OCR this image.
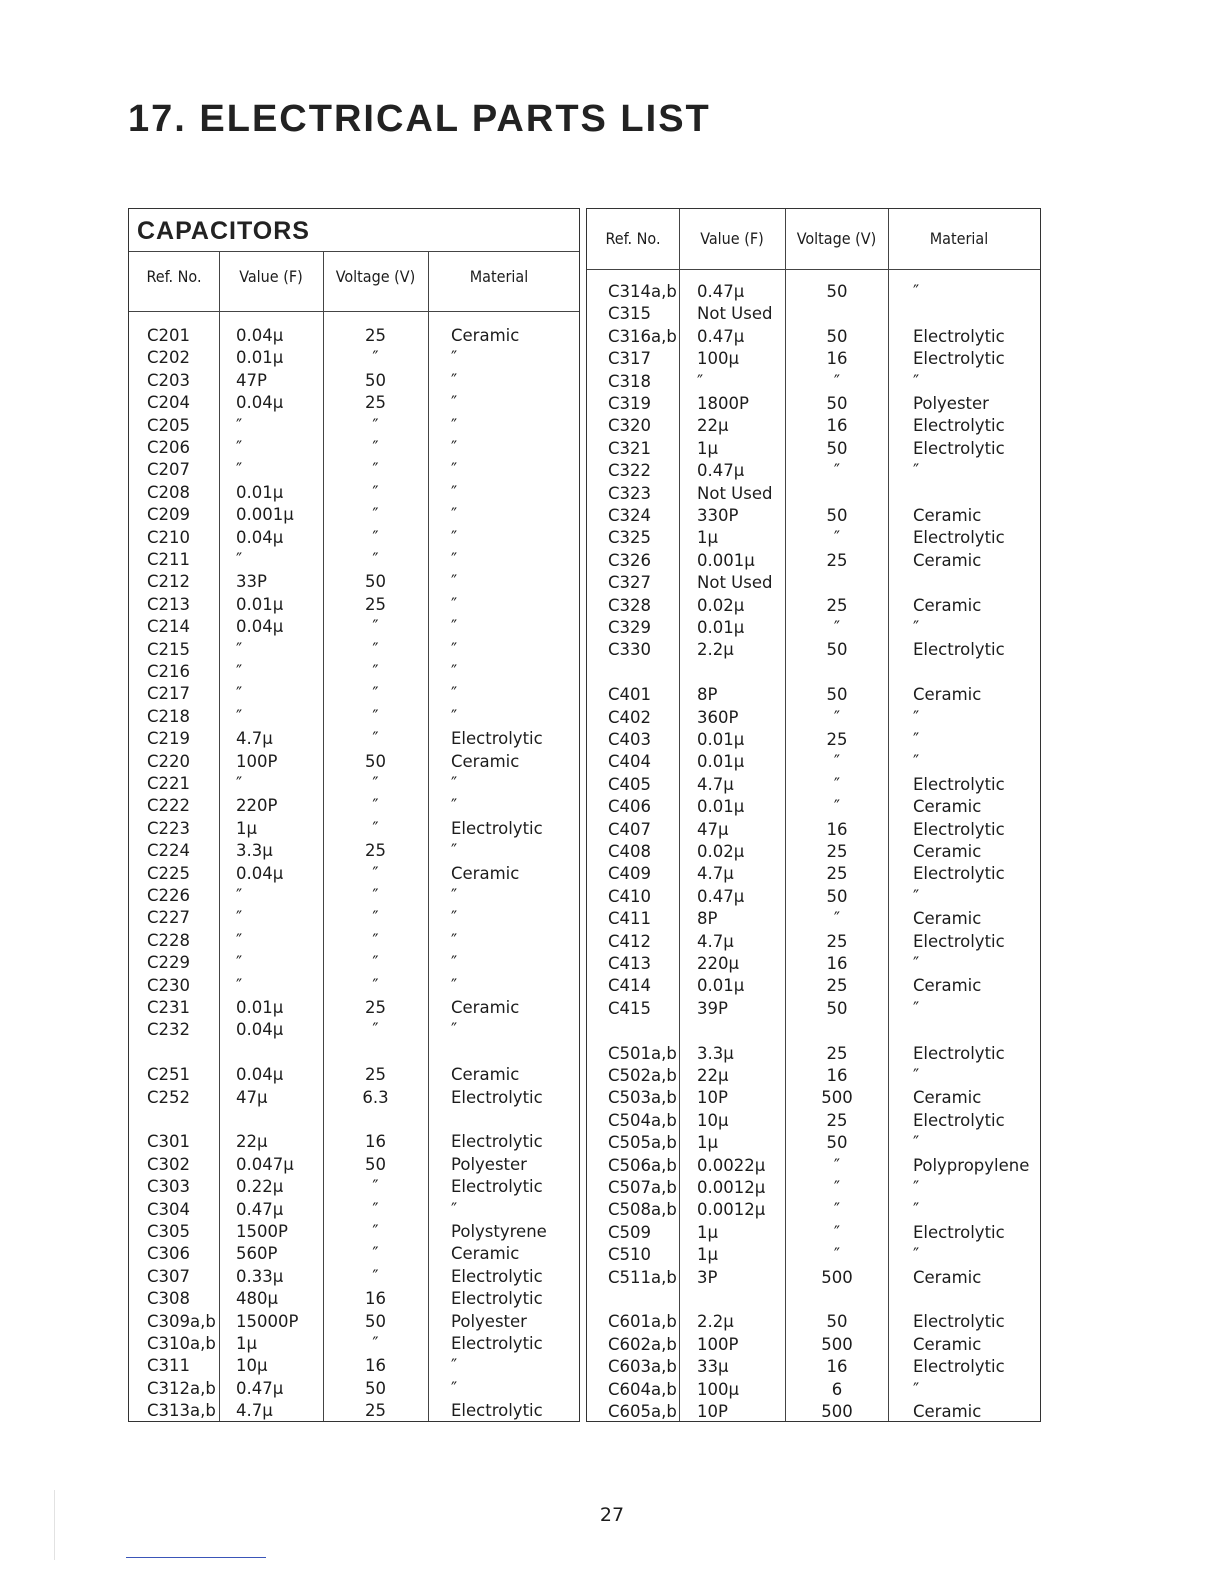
17. ELECTRICAL PARTS LIST
CAPACITORS
Ref. No.	Value (F)	Voltage (V)	Material
C201	0.04μ	25	Ceramic
C202	0.01μ	″	″
C203	47P	50	″
C204	0.04μ	25	″
C205	″	″	″
C206	″	″	″
C207	″	″	″
C208	0.01μ	″	″
C209	0.001μ	″	″
C210	0.04μ	″	″
C211	″	″	″
C212	33P	50	″
C213	0.01μ	25	″
C214	0.04μ	″	″
C215	″	″	″
C216	″	″	″
C217	″	″	″
C218	″	″	″
C219	4.7μ	″	Electrolytic
C220	100P	50	Ceramic
C221	″	″	″
C222	220P	″	″
C223	1μ	″	Electrolytic
C224	3.3μ	25	″
C225	0.04μ	″	Ceramic
C226	″	″	″
C227	″	″	″
C228	″	″	″
C229	″	″	″
C230	″	″	″
C231	0.01μ	25	Ceramic
C232	0.04μ	″	″
C251	0.04μ	25	Ceramic
C252	47μ	6.3	Electrolytic
C301	22μ	16	Electrolytic
C302	0.047μ	50	Polyester
C303	0.22μ	″	Electrolytic
C304	0.47μ	″	″
C305	1500P	″	Polystyrene
C306	560P	″	Ceramic
C307	0.33μ	″	Electrolytic
C308	480μ	16	Electrolytic
C309a,b 15000P	50	Polyester
C310a,b 1μ	″	Electrolytic
C311	10μ	16	″
C312a,b 0.47μ	50	″
C313a,b 4.7μ	25	Electrolytic
Ref. No.	Value (F)	Voltage (V)	Material
C314a,b 0.47μ	50	″
C315	Not Used
C316a,b 0.47μ	50	Electrolytic
C317	100μ	16	Electrolytic
C318	″	″	″
C319	1800P	50	Polyester
C320	22μ	16	Electrolytic
C321	1μ	50	Electrolytic
C322	0.47μ	″	″
C323	Not Used
C324	330P	50	Ceramic
C325	1μ	″	Electrolytic
C326	0.001μ	25	Ceramic
C327	Not Used
C328	0.02μ	25	Ceramic
C329	0.01μ	″	″
C330	2.2μ	50	Electrolytic
C401	8P	50	Ceramic
C402	360P	″	″
C403	0.01μ	25	″
C404	0.01μ	″	″
C405	4.7μ	″	Electrolytic
C406	0.01μ	″	Ceramic
C407	47μ	16	Electrolytic
C408	0.02μ	25	Ceramic
C409	4.7μ	25	Electrolytic
C410	0.47μ	50	″
C411	8P	″	Ceramic
C412	4.7μ	25	Electrolytic
C413	220μ	16	″
C414	0.01μ	25	Ceramic
C415	39P	50	″
C501a,b 3.3μ	25	Electrolytic
C502a,b 22μ	16	″
C503a,b 10P	500	Ceramic
C504a,b 10μ	25	Electrolytic
C505a,b 1μ	50	″
C506a,b 0.0022μ	″	Polypropylene
C507a,b 0.0012μ	″	″
C508a,b 0.0012μ	″	″
C509	1μ	″	Electrolytic
C510	1μ	″	″
C511a,b 3P	500	Ceramic
C601a,b 2.2μ	50	Electrolytic
C602a,b 100P	500	Ceramic
C603a,b 33μ	16	Electrolytic
C604a,b 100μ	6	″
C605a,b 10P	500	Ceramic
27
